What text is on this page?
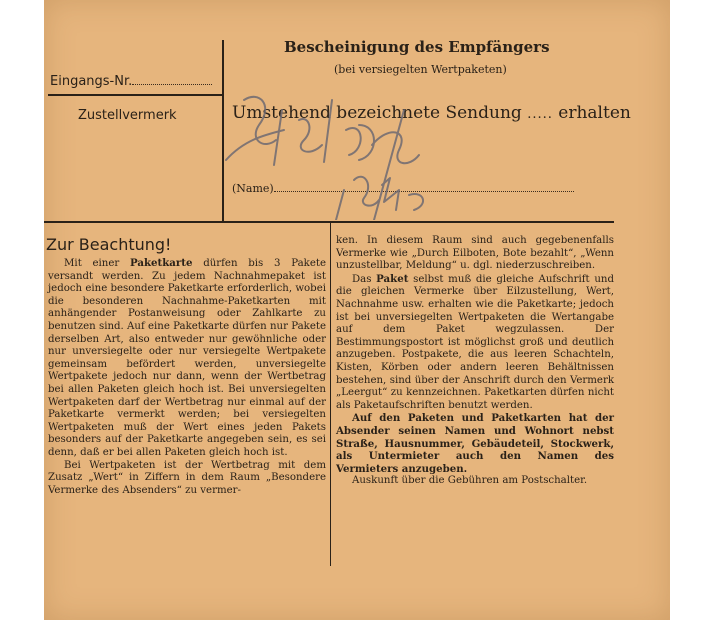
Bescheinigung des Empfängers
(bei versiegelten Wertpaketen)
Eingangs-Nr.
Zustellvermerk	Umstehend bezeichnete Sendung ..... erhalten
(Name)
Zur Beachtung!

Mit einer Paketkarte dürfen bis 3 Pakete versandt werden. Zu jedem Nachnahmepaket ist jedoch eine besondere Paketkarte erforderlich, wobei die besonderen Nachnahme-Paketkarten mit anhängender Postanweisung oder Zahlkarte zu benutzen sind. Auf eine Paketkarte dürfen nur Pakete derselben Art, also entweder nur gewöhnliche oder nur unversiegelte oder nur versiegelte Wertpakete gemeinsam befördert werden, unversiegelte Wertpakete jedoch nur dann, wenn der Wertbetrag bei allen Paketen gleich hoch ist. Bei unversiegelten Wertpaketen darf der Wertbetrag nur einmal auf der Paketkarte vermerkt werden; bei versiegelten Wertpaketen muß der Wert eines jeden Pakets besonders auf der Paketkarte angegeben sein, es sei denn, daß er bei allen Paketen gleich hoch ist.

Bei Wertpaketen ist der Wertbetrag mit dem Zusatz „Wert“ in Ziffern in dem Raum „Besondere Vermerke des Absenders“ zu vermer-

ken. In diesem Raum sind auch gegebenenfalls Vermerke wie „Durch Eilboten, Bote bezahlt“, „Wenn unzustellbar, Meldung“ u. dgl. niederzuschreiben.

Das Paket selbst muß die gleiche Aufschrift und die gleichen Vermerke über Eilzustellung, Wert, Nachnahme usw. erhalten wie die Paketkarte; jedoch ist bei unversiegelten Wertpaketen die Wertangabe auf dem Paket wegzulassen. Der Bestimmungspostort ist möglichst groß und deutlich anzugeben. Postpakete, die aus leeren Schachteln, Kisten, Körben oder andern leeren Behältnissen bestehen, sind über der Anschrift durch den Vermerk „Leergut“ zu kennzeichnen. Paketkarten dürfen nicht als Paketaufschriften benutzt werden.

Auf den Paketen und Paketkarten hat der Absender seinen Namen und Wohnort nebst Straße, Hausnummer, Gebäudeteil, Stockwerk, als Untermieter auch den Namen des Vermieters anzugeben.

Auskunft über die Gebühren am Postschalter.
